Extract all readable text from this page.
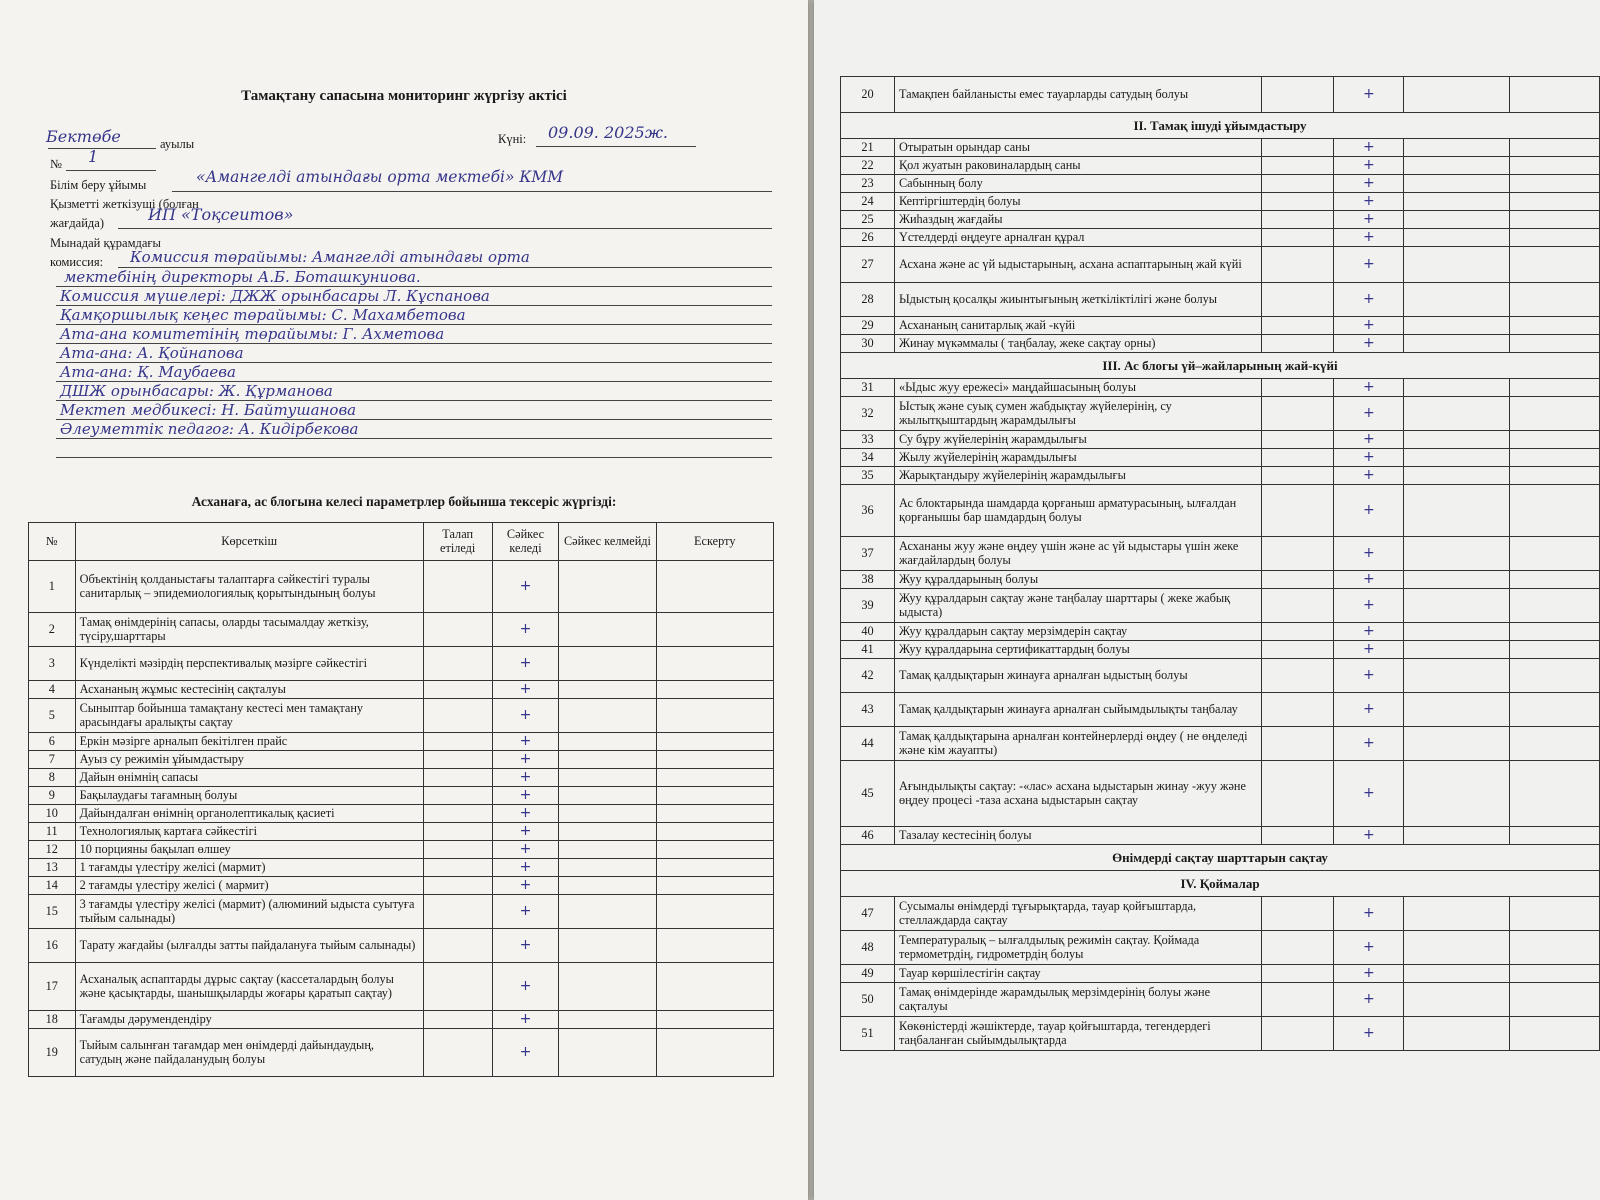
Тамақтану сапасына мониторинг жүргізу актісі
Бектөбе	ауылы	Күні: 09.09. 2025ж.
№ 1
Білім беру ұйымы	«Амангелді атындағы орта мектебі» КММ
Қызметті жеткізуші (болған
жағдайда)	ИП «Тоқсеитов»
Мынадай құрамдағы
комиссия: Комиссия төрайымы: Амангелді атындағы орта
мектебінің директоры А.Б. Боташкуниова.
Комиссия мүшелері: ДЖЖ орынбасары Л. Кұспанова
Қамқоршылық кеңес төрайымы: С. Махамбетова
Ата-ана комитетінің төрайымы: Г. Ахметова
Ата-ана: А. Қойнапова
Ата-ана: Қ. Маубаева
ДШЖ орынбасары: Ж. Құрманова
Мектеп медбикесі: Н. Байтушанова
Әлеуметтік педагог: А. Кидірбекова
Асханаға, ас блогына келесі параметрлер бойынша тексеріс жүргізді:
№	Көрсеткіш	Талап етіледі	Сәйкес келеді	Сәйкес келмейді	Ескерту
1	Объектінің қолданыстағы талаптарға сәйкестігі туралы санитарлық – эпидемиологиялық қорытындының болуы		+		
2	Тамақ өнімдерінің сапасы, оларды тасымалдау жеткізу, түсіру,шарттары		+		
3	Күнделікті мәзірдің перспективалық мәзірге сәйкестігі		+		
4	Асхананың жұмыс кестесінің сақталуы		+		
5	Сыныптар бойынша тамақтану кестесі мен тамақтану арасындағы аралықты сақтау		+		
6	Еркін мәзірге арналып бекітілген прайс		+		
7	Ауыз су режимін ұйымдастыру		+		
8	Дайын өнімнің сапасы		+		
9	Бақылаудағы тағамның болуы		+		
10	Дайындалған өнімнің органолептикалық қасиеті		+		
11	Технологиялық картаға сәйкестігі		+		
12	10 порцияны бақылап өлшеу		+		
13	1 тағамды үлестіру желісі (мармит)		+		
14	2 тағамды үлестіру желісі ( мармит)		+		
15	3 тағамды үлестіру желісі (мармит) (алюминий ыдыста суытуға тыйым салынады)		+		
16	Тарату жағдайы (ылғалды затты пайдалануға тыйым салынады)		+		
17	Асханалық аспаптарды дұрыс сақтау (кассеталардың болуы және қасықтарды, шанышқыларды жоғары қаратып сақтау)		+		
18	Тағамды дәрумендендіру		+		
19	Тыйым салынған тағамдар мен өнімдерді дайындаудың, сатудың және пайдаланудың болуы		+		
20	Тамақпен байланысты емес тауарларды сатудың болуы		+		
II. Тамақ ішуді ұйымдастыру					
21	Отыратын орындар саны		+		
22	Қол жуатын раковиналардың саны		+		
23	Сабынның болу		+		
24	Кептіргіштердің болуы		+		
25	Жиһаздың жағдайы		+		
26	Үстелдерді өңдеуге арналған құрал		+		
27	Асхана және ас үй ыдыстарының, асхана аспаптарының жай күйі		+		
28	Ыдыстың қосалқы жиынтығының жеткіліктілігі және болуы		+		
29	Асхананың санитарлық жай -күйі		+		
30	Жинау мүкәммалы ( таңбалау, жеке сақтау орны)		+		
III. Ас блогы үй–жайларының жай-күйі					
31	«Ыдыс жуу ережесі» маңдайшасының болуы		+		
32	Ыстық және суық сумен жабдықтау жүйелерінің, су жылытқыштардың жарамдылығы		+		
33	Су бұру жүйелерінің жарамдылығы		+		
34	Жылу жүйелерінің жарамдылығы		+		
35	Жарықтандыру жүйелерінің жарамдылығы		+		
36	Ас блоктарында шамдарда қорғаныш арматурасының, ылғалдан қорғанышы бар шамдардың болуы		+		
37	Асхананы жуу және өңдеу үшін және ас үй ыдыстары үшін жеке жағдайлардың болуы		+		
38	Жуу құралдарының болуы		+		
39	Жуу құралдарын сақтау және таңбалау шарттары ( жеке жабық ыдыста)		+		
40	Жуу құралдарын сақтау мерзімдерін сақтау		+		
41	Жуу құралдарына сертификаттардың болуы		+		
42	Тамақ қалдықтарын жинауға арналған ыдыстың болуы		+		
43	Тамақ қалдықтарын жинауға арналған сыйымдылықты таңбалау		+		
44	Тамақ қалдықтарына арналған контейнерлерді өңдеу ( не өңделеді және кім жауапты)		+		
45	Ағындылықты сақтау: -«лас» асхана ыдыстарын жинау -жуу және өңдеу процесі -таза асхана ыдыстарын сақтау		+		
46	Тазалау кестесінің болуы		+		
Өнімдерді сақтау шарттарын сақтау					
IV. Қоймалар					
47	Сусымалы өнімдерді тұғырықтарда, тауар қойғыштарда, стеллаждарда сақтау		+		
48	Температуралық – ылғалдылық режимін сақтау. Қоймада термометрдің, гидрометрдің болуы		+		
49	Тауар көршілестігін сақтау		+		
50	Тамақ өнімдерінде жарамдылық мерзімдерінің болуы және сақталуы		+		
51	Көкөністерді жәшіктерде, тауар қойғыштарда, тегендердегі таңбаланған сыйымдылықтарда		+		
